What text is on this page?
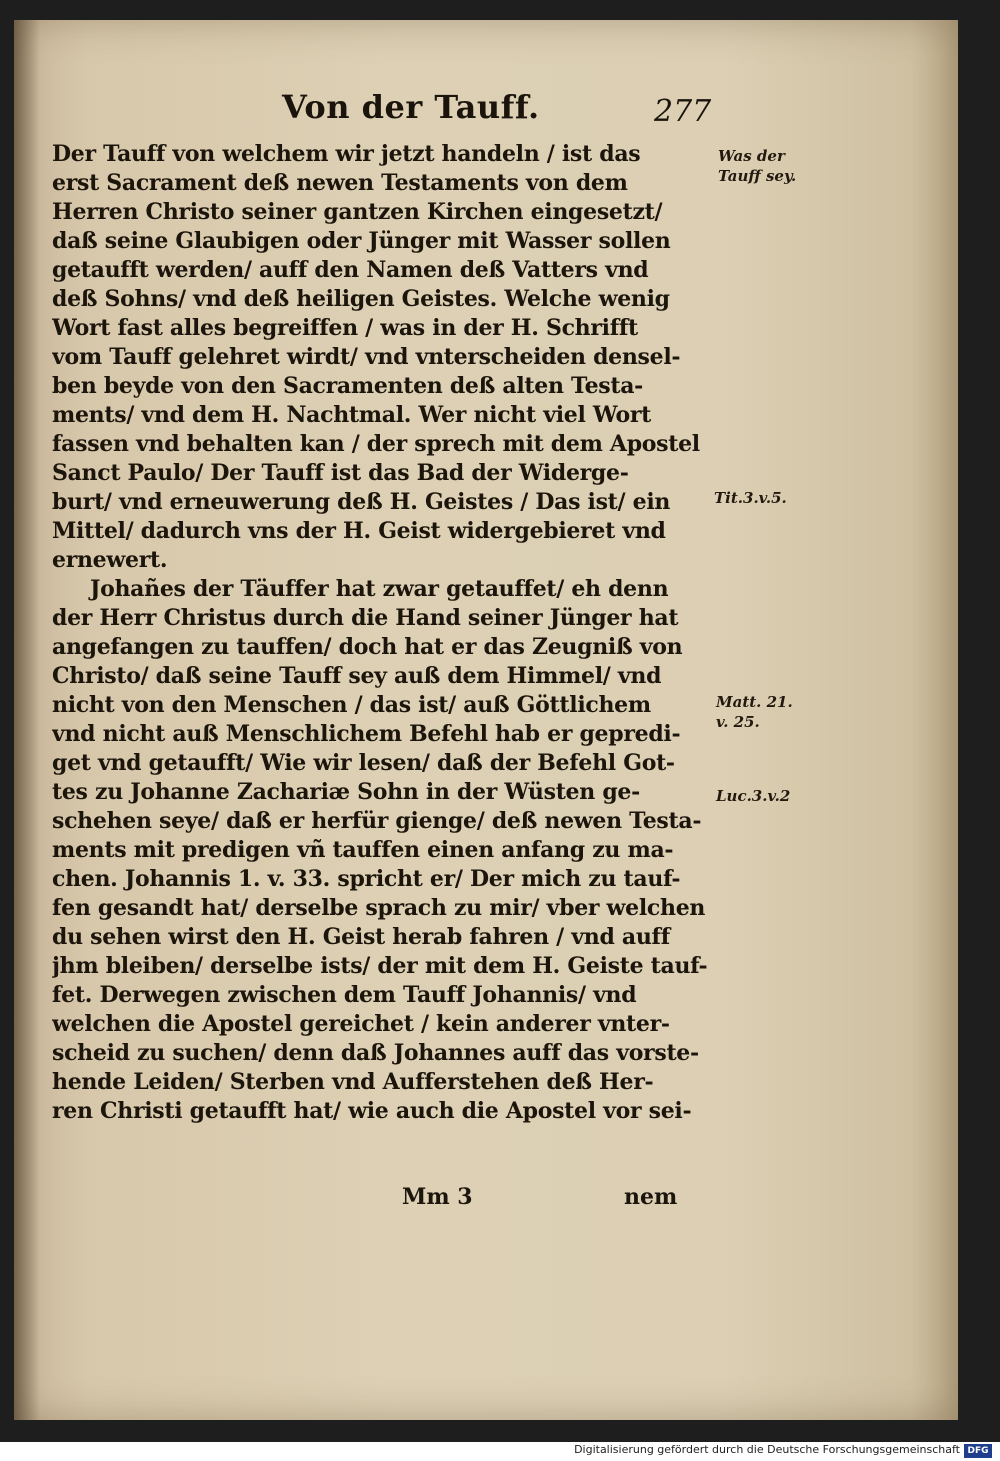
Von der Tauff.	277
Der Tauff von welchem wir jetzt handeln / ist das
erst Sacrament deß newen Testaments von dem
Herren Christo seiner gantzen Kirchen eingesetzt/
daß seine Glaubigen oder Jünger mit Wasser sollen
getaufft werden/ auff den Namen deß Vatters vnd
deß Sohns/ vnd deß heiligen Geistes. Welche wenig
Wort fast alles begreiffen / was in der H. Schrifft
vom Tauff gelehret wirdt/ vnd vnterscheiden densel-
ben beyde von den Sacramenten deß alten Testa-
ments/ vnd dem H. Nachtmal. Wer nicht viel Wort
fassen vnd behalten kan / der sprech mit dem Apostel
Sanct Paulo/ Der Tauff ist das Bad der Widerge-
burt/ vnd erneuwerung deß H. Geistes / Das ist/ ein
Mittel/ dadurch vns der H. Geist widergebieret vnd
ernewert.
Johañes der Täuffer hat zwar getauffet/ eh denn
der Herr Christus durch die Hand seiner Jünger hat
angefangen zu tauffen/ doch hat er das Zeugniß von
Christo/ daß seine Tauff sey auß dem Himmel/ vnd
nicht von den Menschen / das ist/ auß Göttlichem
vnd nicht auß Menschlichem Befehl hab er gepredi-
get vnd getaufft/ Wie wir lesen/ daß der Befehl Got-
tes zu Johanne Zachariæ Sohn in der Wüsten ge-
schehen seye/ daß er herfür gienge/ deß newen Testa-
ments mit predigen vñ tauffen einen anfang zu ma-
chen. Johannis 1. v. 33. spricht er/ Der mich zu tauf-
fen gesandt hat/ derselbe sprach zu mir/ vber welchen
du sehen wirst den H. Geist herab fahren / vnd auff
jhm bleiben/ derselbe ists/ der mit dem H. Geiste tauf-
fet. Derwegen zwischen dem Tauff Johannis/ vnd
welchen die Apostel gereichet / kein anderer vnter-
scheid zu suchen/ denn daß Johannes auff das vorste-
hende Leiden/ Sterben vnd Aufferstehen deß Her-
ren Christi getaufft hat/ wie auch die Apostel vor sei-
Was der
Tauff sey.
Tit.3.v.5.
Matt. 21.
v. 25.
Luc.3.v.2
Mm 3	nem
Digitalisierung gefördert durch die Deutsche Forschungsgemeinschaft DFG
